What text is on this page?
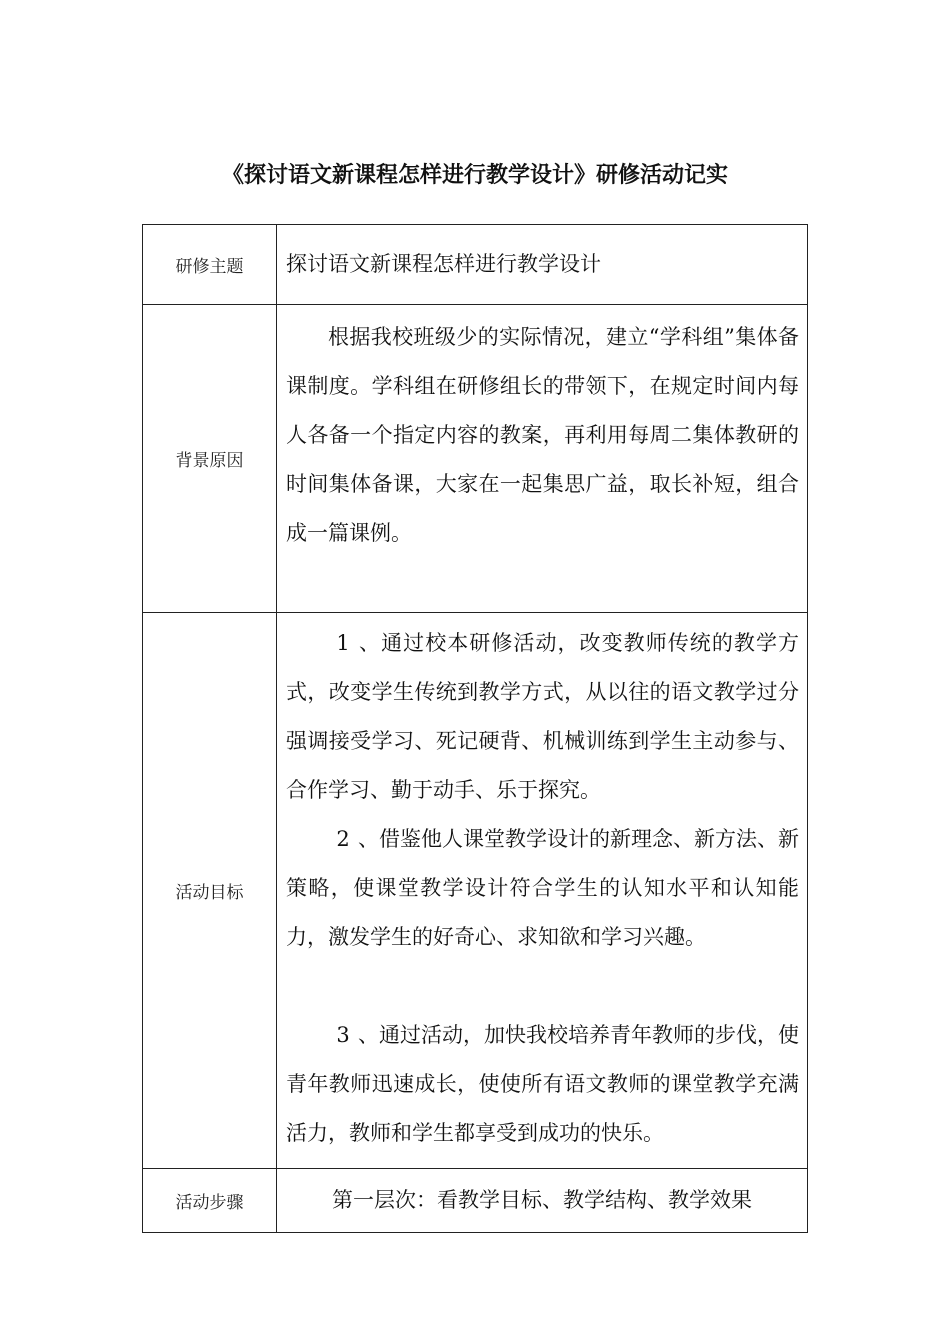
《探讨语文新课程怎样进行教学设计》研修活动记实
研修主题	探讨语文新课程怎样进行教学设计
背景原因	根据我校班级少的实际情况，建立“学科组”集体备课制度。学科组在研修组长的带领下，在规定时间内每人各备一个指定内容的教案，再利用每周二集体教研的时间集体备课，大家在一起集思广益，取长补短，组合成一篇课例。

活动目标	1 、通过校本研修活动，改变教师传统的教学方式，改变学生传统到教学方式，从以往的语文教学过分强调接受学习、死记硬背、机械训练到学生主动参与、合作学习、勤于动手、乐于探究。

2 、借鉴他人课堂教学设计的新理念、新方法、新策略，使课堂教学设计符合学生的认知水平和认知能力，激发学生的好奇心、求知欲和学习兴趣。

3 、通过活动，加快我校培养青年教师的步伐，使青年教师迅速成长，使使所有语文教师的课堂教学充满活力，教师和学生都享受到成功的快乐。

活动步骤	第一层次：看教学目标、教学结构、教学效果
